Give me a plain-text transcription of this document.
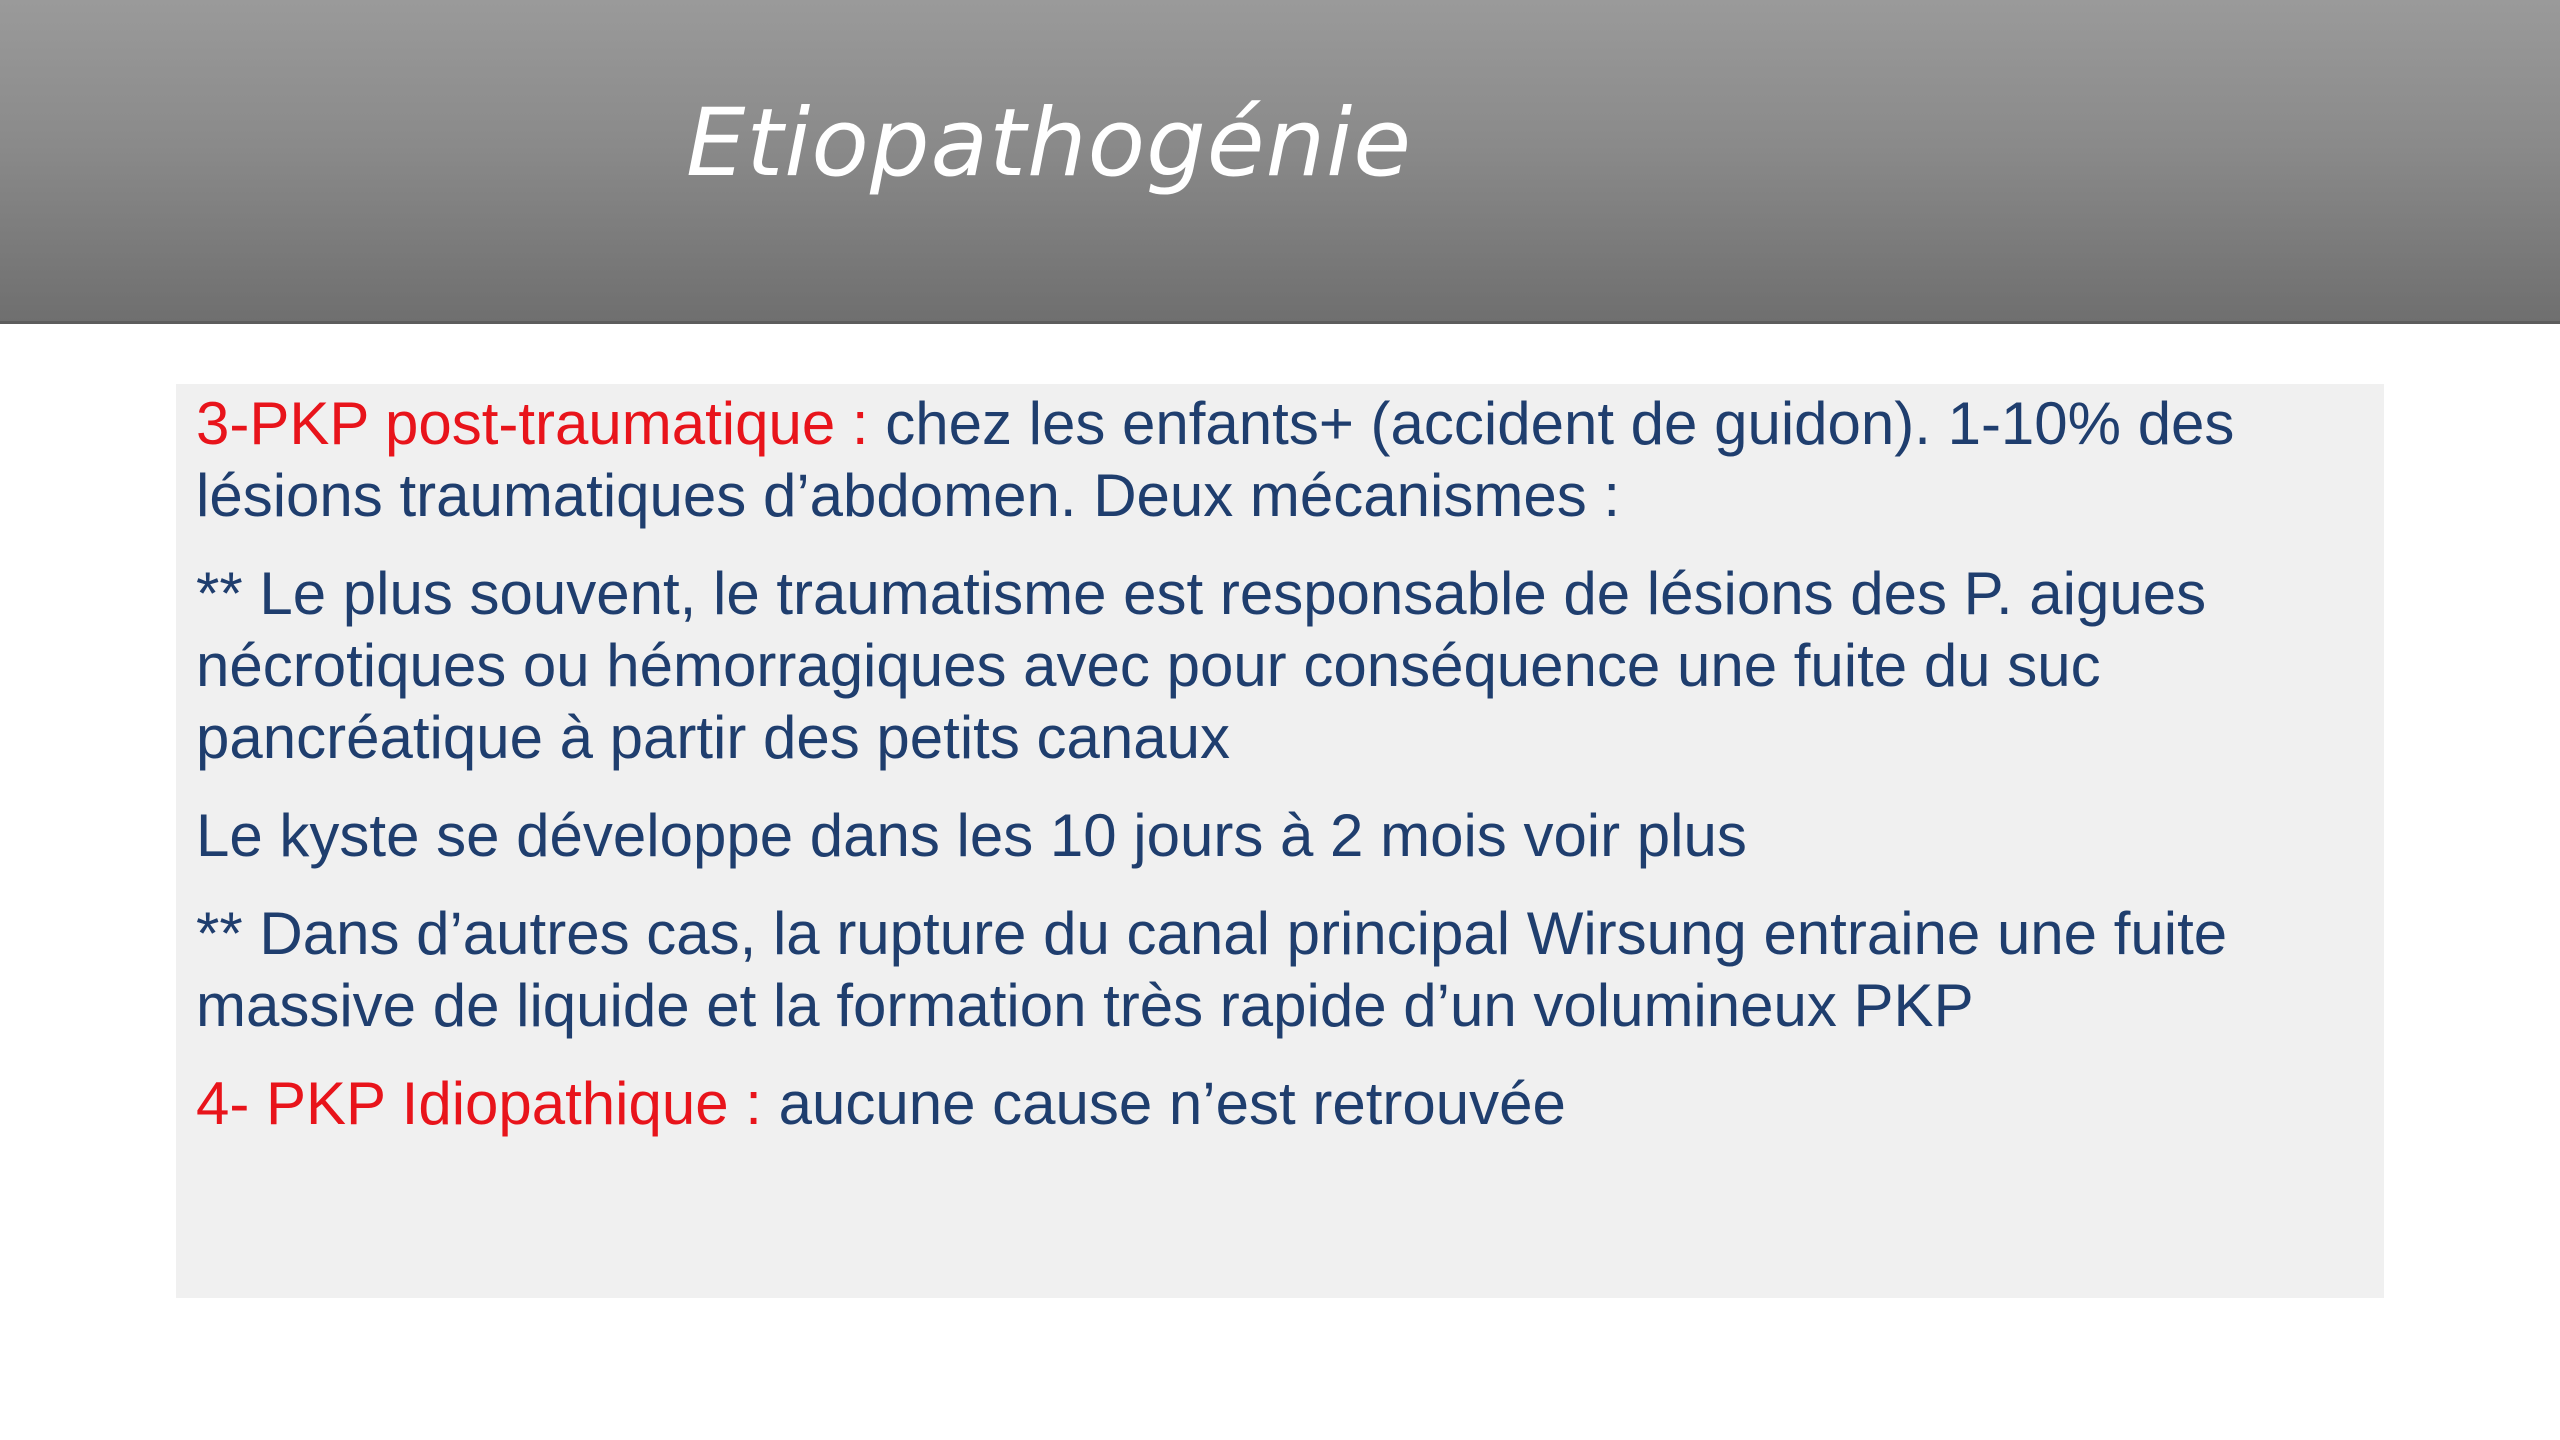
Etiopathogénie

3-PKP post-traumatique : chez les enfants+ (accident de guidon). 1-10% des lésions traumatiques d’abdomen. Deux mécanismes :

** Le plus souvent, le traumatisme est responsable de lésions des P. aigues nécrotiques ou hémorragiques avec pour conséquence une fuite du suc pancréatique à partir des petits canaux

Le kyste se développe dans les 10 jours à 2 mois voir plus

** Dans d’autres cas, la rupture du canal principal Wirsung entraine une fuite massive de liquide et la formation très rapide d’un volumineux PKP

4- PKP Idiopathique : aucune cause n’est retrouvée
